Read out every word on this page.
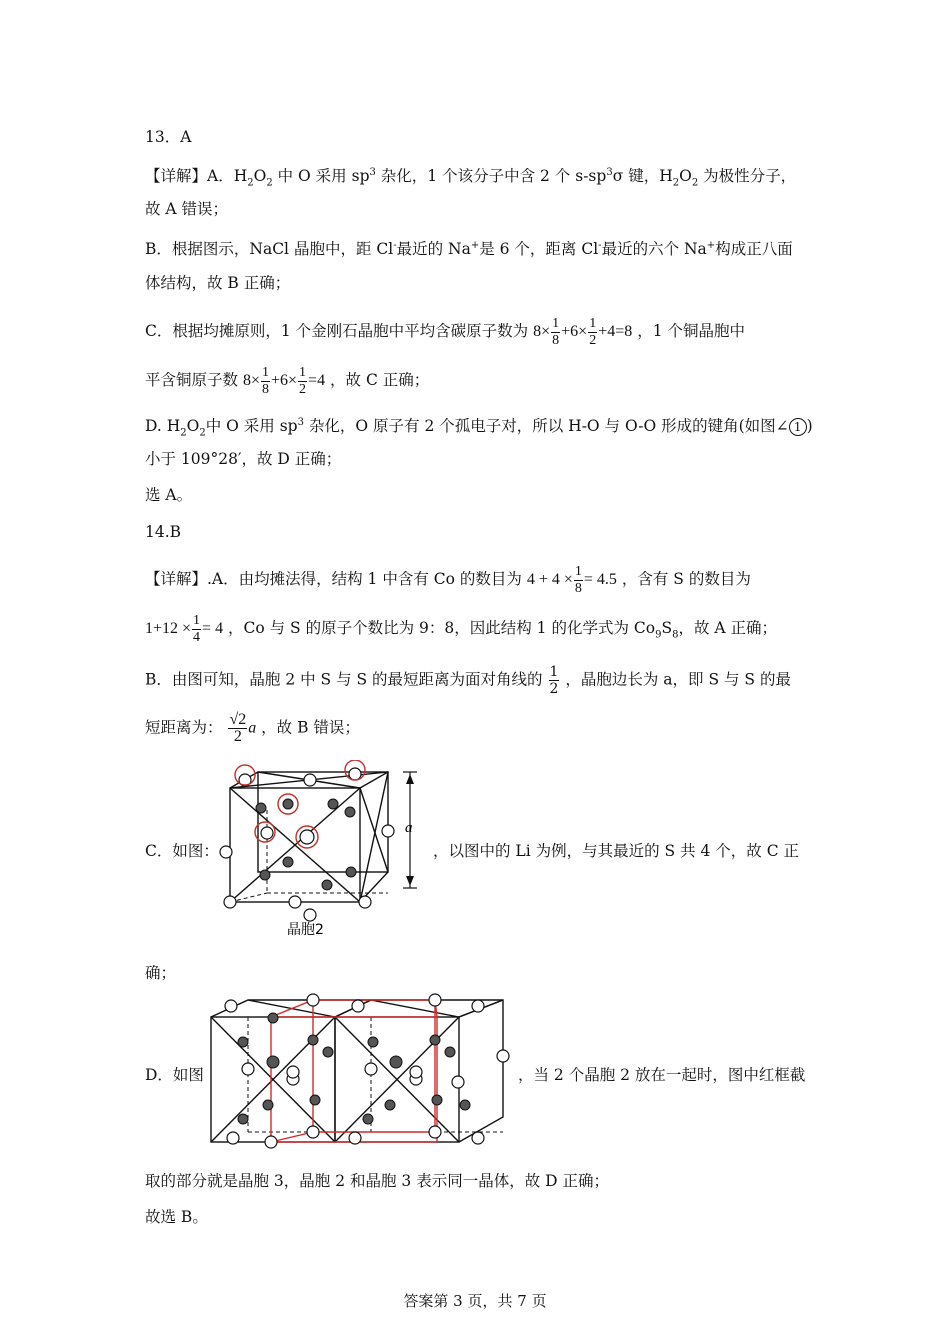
13．A
【详解】A．$H_2O_2$ 中 O 采用 $sp^3$ 杂化，1 个该分子中含 2 个 $s-sp^3\sigma$ 键，$H_2O_2$ 为极性分子，
故 A 错误；
B．根据图示，NaCl 晶胞中，距 Cl-最近的 Na+是 6 个，距离 Cl-最近的六个 Na+构成正八面
体结构，故 B 正确；
C．根据均摊原则，1 个金刚石晶胞中平均含碳原子数为 $8\times \frac{1}{8} +6\times \frac{1}{2} +4=8$ ，1 个铜晶胞中
平含铜原子数 $8\times \frac{1}{8} +6\times \frac{1}{2} =4$ ，故 C 正确；
D. $H_2O_2$中 O 采用 $sp^3$ 杂化，O 原子有 2 个孤电子对，所以 H-O 与 O-O 形成的键角(如图∠ 1 )
小于 109°28′，故 D 正确；
选 A。
14.B
【详解】.A．由均摊法得，结构 1 中含有 Co 的数目为 $4 + 4 \times \frac{1}{8} = 4.5$ ，含有 S 的数目为
$1+12 \times \frac{1}{4} = 4$ ，Co 与 S 的原子个数比为 9：8，因此结构 1 的化学式为 $Co_9S_8$，故 A 正确；
B．由图可知，晶胞 2 中 S 与 S 的最短距离为面对角线的 $\frac{1}{2}$ ，晶胞边长为 a，即 S 与 S 的最
短距离为： $\frac{√2}{2}$ a ，故 B 错误；
C．如图：	，以图中的 Li 为例，与其最近的 S 共 4 个，故 C 正
a
晶胞2
确；
D．如图	，当 2 个晶胞 2 放在一起时，图中红框截
取的部分就是晶胞 3，晶胞 2 和晶胞 3 表示同一晶体，故 D 正确；
故选 B。
答案第 3 页，共 7 页
